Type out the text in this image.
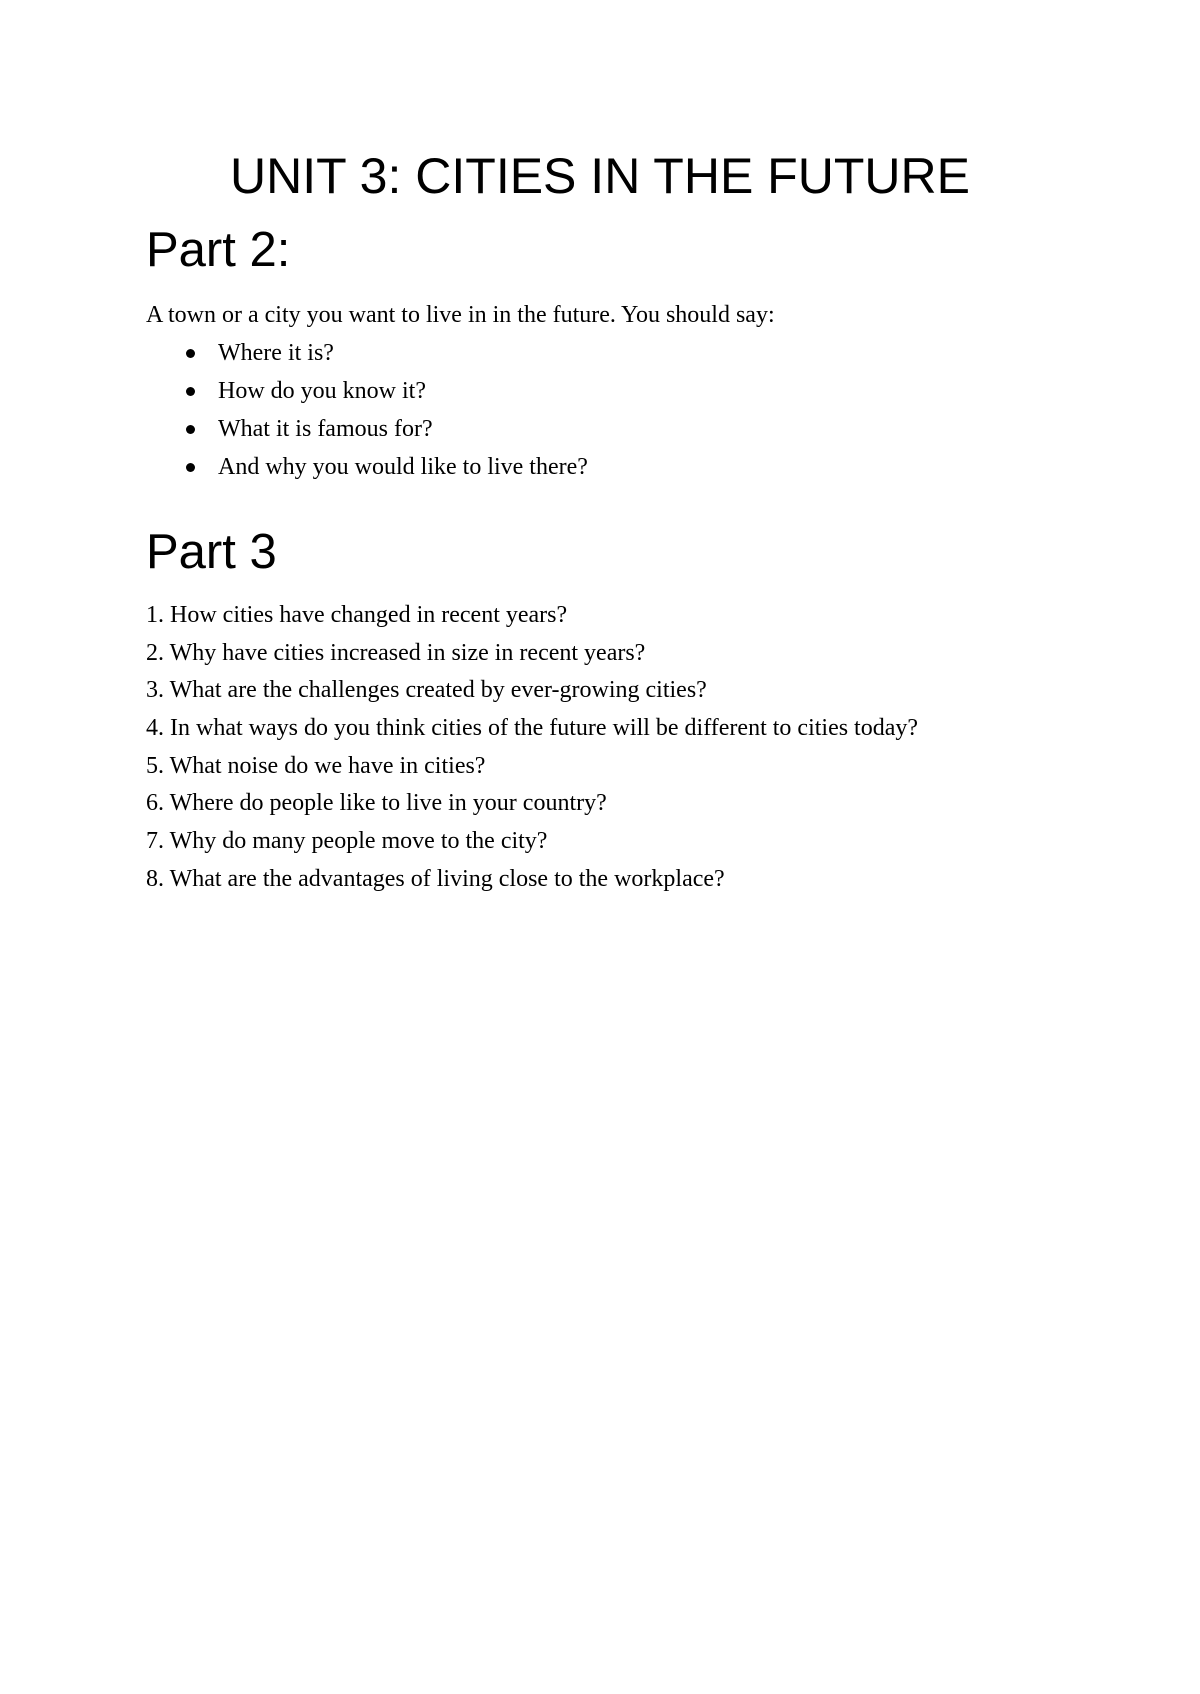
UNIT 3: CITIES IN THE FUTURE
Part 2:

A town or a city you want to live in in the future. You should say:

Where it is?
How do you know it?
What it is famous for?
And why you would like to live there?
Part 3
1. How cities have changed in recent years?
2. Why have cities increased in size in recent years?
3. What are the challenges created by ever-growing cities?
4. In what ways do you think cities of the future will be different to cities today?
5. What noise do we have in cities?
6. Where do people like to live in your country?
7. Why do many people move to the city?
8. What are the advantages of living close to the workplace?
